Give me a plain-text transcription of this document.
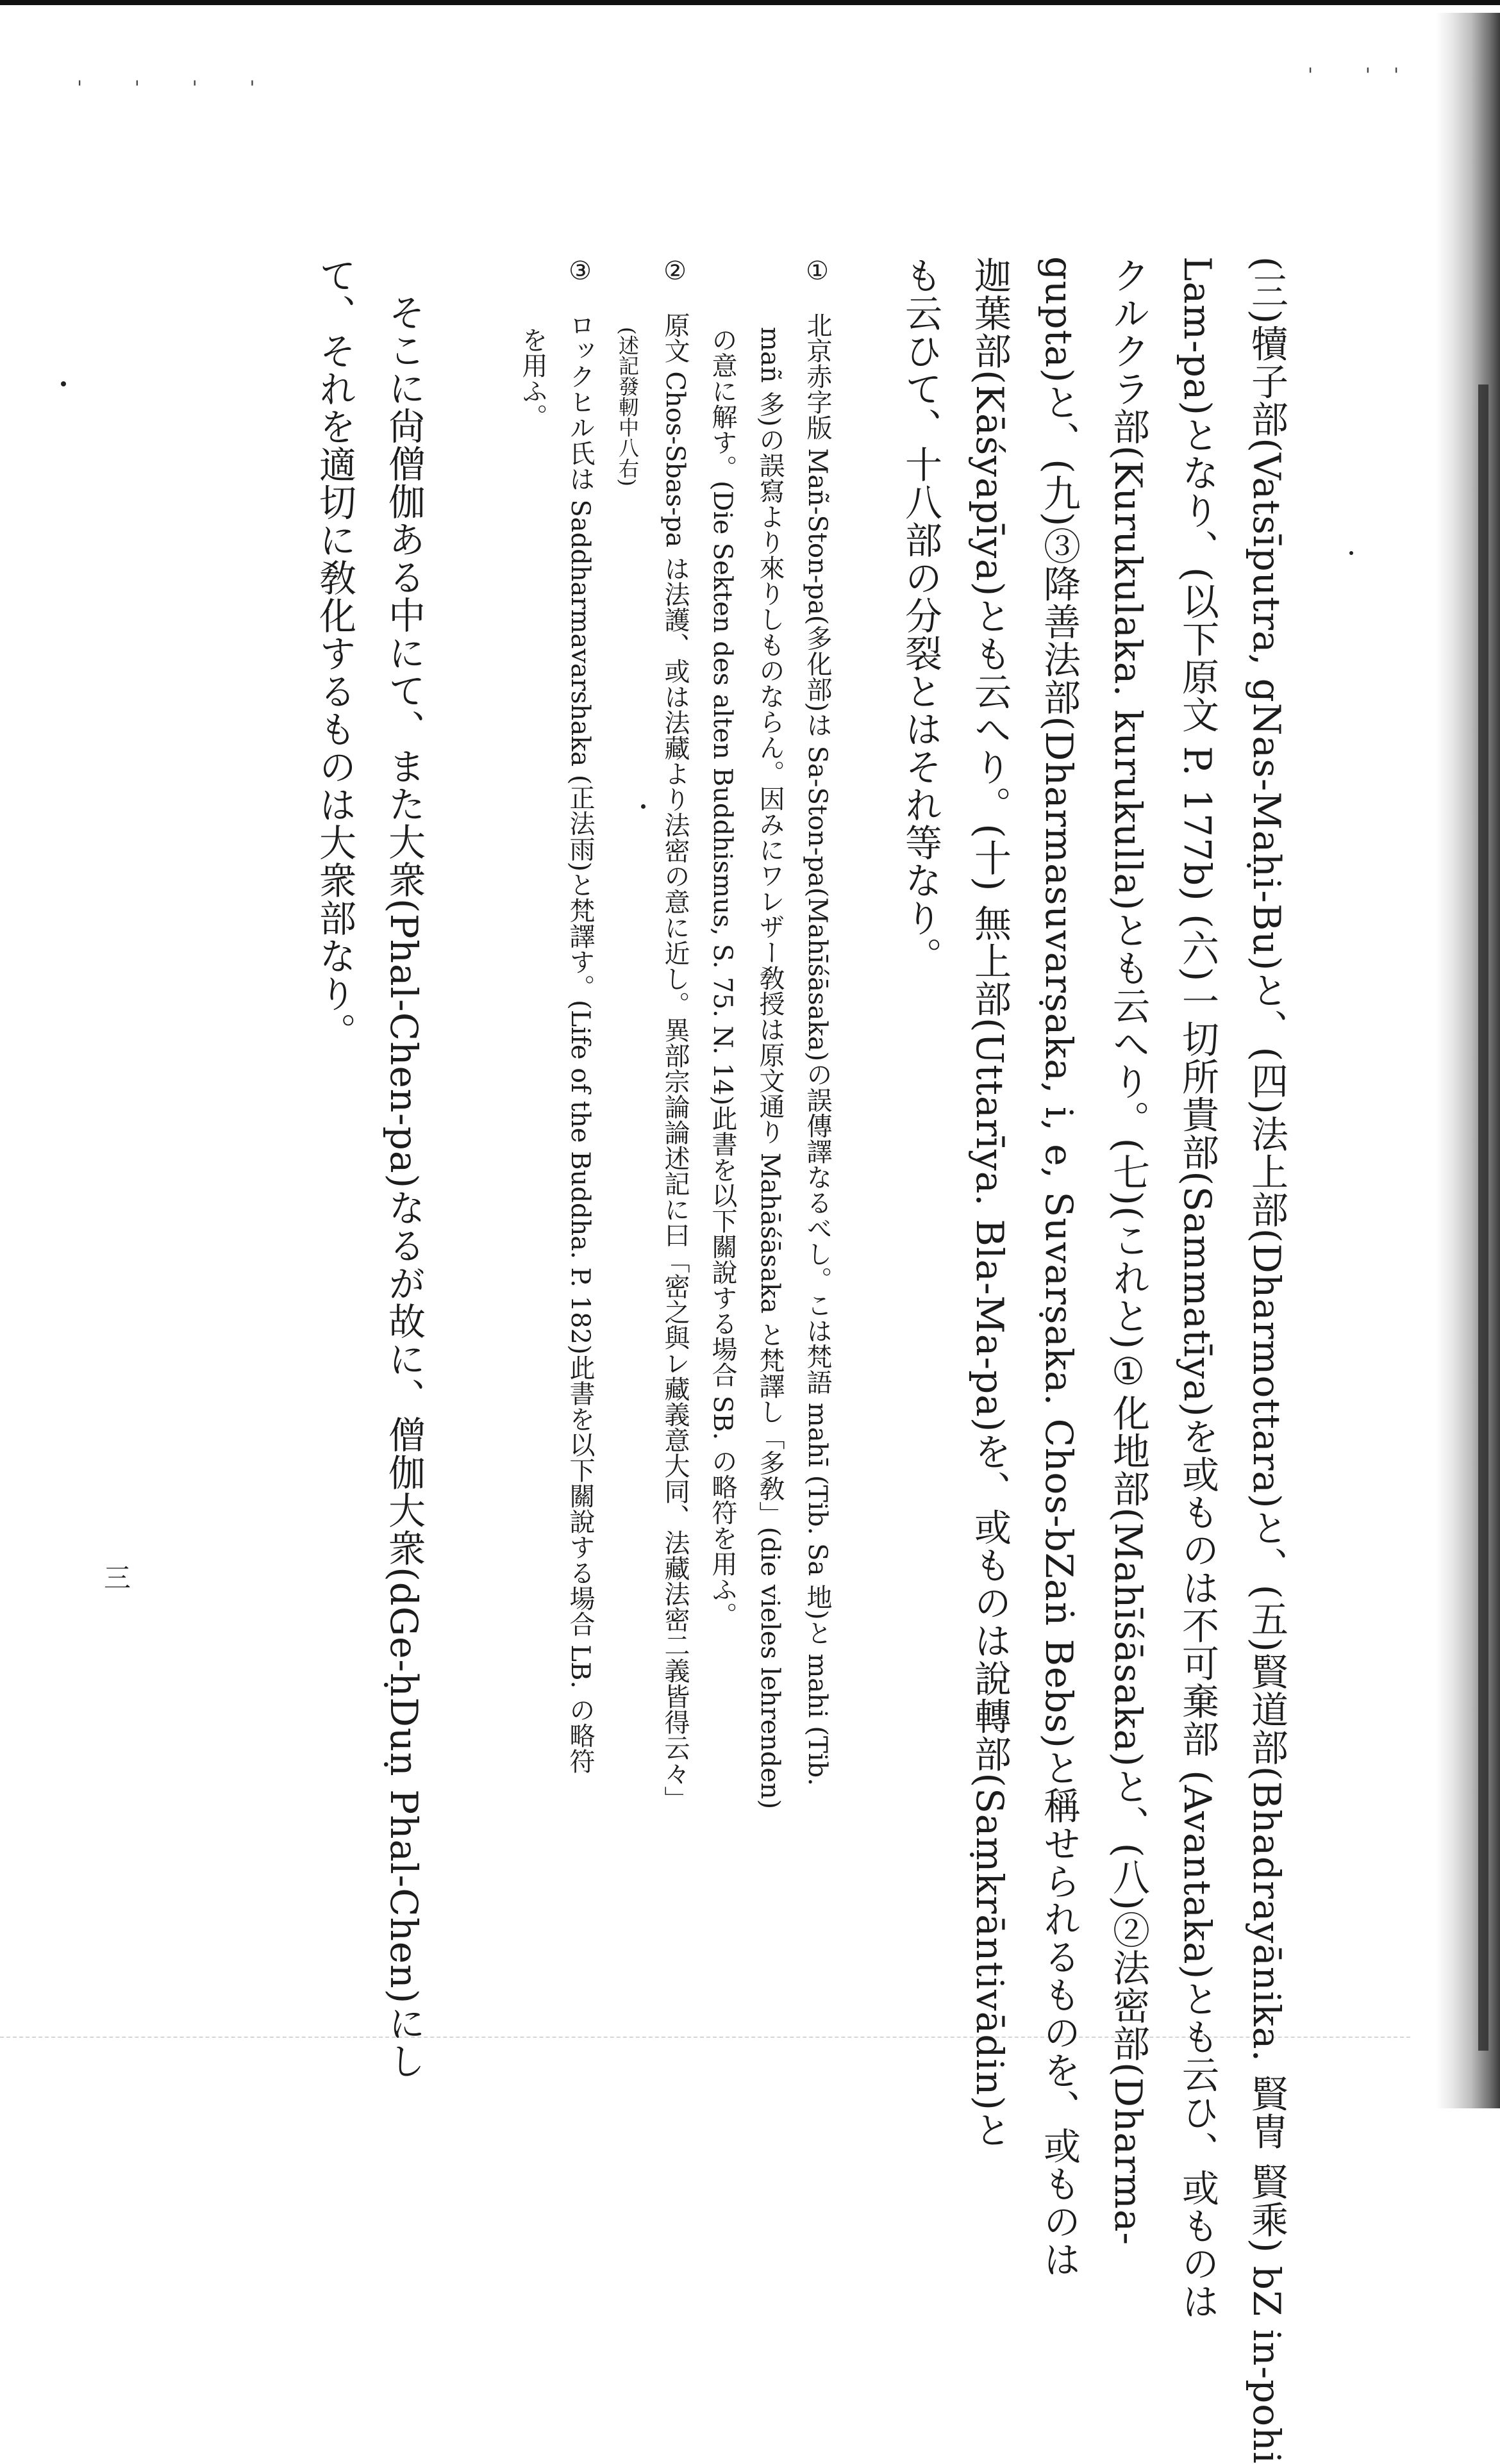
' ' ' '
' ''

(三)犢子部(Vatsīputra, gNas-Maḥi-Bu)と、(四)法上部(Dharmottara)と、(五)賢道部(Bhadrayānika. 賢冑 賢乘) bZ in-pohi

Lam-pa)となり、(以下原文 P. 177b) (六)一切所貴部(Sammatīya)を或ものは不可棄部 (Avantaka)とも云ひ、或ものは

クルクラ部(Kurukulaka. kurukulla)とも云へり。(七)(これと)①化地部(Mahīśāsaka)と、(八)②法密部(Dharma-

gupta)と、(九)③降善法部(Dharmasuvarṣaka, i, e, Suvarṣaka. Chos-bZaṅ Bebs)と稱せられるものを、或ものは

迦葉部(Kāśyapīya)とも云へり。(十) 無上部(Uttarīya. Bla-Ma-pa)を、或ものは說轉部(Saṃkrāntivādin)と

も云ひて、十八部の分裂とはそれ等なり。

① 北京赤字版 Mañ-Ston-pa(多化部)は Sa-Ston-pa(Mahīśāsaka)の誤傳譯なるべし。こは梵語 mahī (Tib. Sa 地)と mahi (Tib.

mañ 多)の誤寫より來りしものならん。因みにワレザー敎授は原文通り Mahāśāsaka と梵譯し「多敎」(die vieles lehrenden)

の意に解す。(Die Sekten des alten Buddhismus, S. 75. N. 14)此書を以下關說する場合 SB. の略符を用ふ。

② 原文 Chos-Sbas-pa は法護、或は法藏より法密の意に近し。異部宗論論述記に曰「密之與レ藏義意大同、法藏法密二義皆得云々」

(述記發軔中八右)

③ ロックヒル氏は Saddharmavarshaka (正法雨)と梵譯す。(Life of the Buddha. P. 182)此書を以下關說する場合 LB. の略符

を用ふ。

そこに尙僧伽ある中にて、また大衆(Phal-Chen-pa)なるが故に、僧伽大衆(dGe-ḥDuṇ Phal-Chen)にし

て、それを適切に敎化するものは大衆部なり。

三
